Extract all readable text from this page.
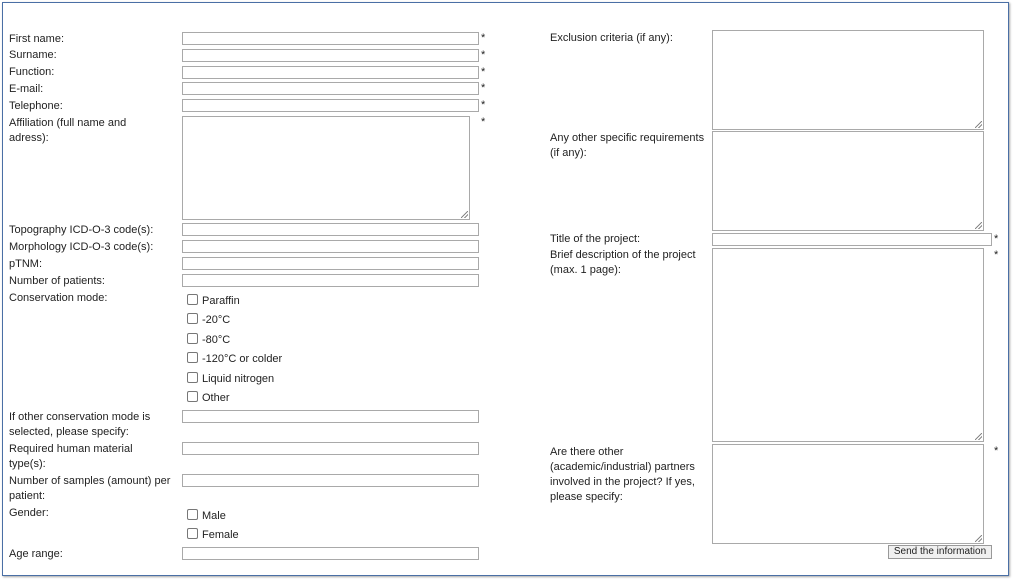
First name:
Surname:
Function:
E-mail:
Telephone:
Affiliation (full name and adress):
Topography ICD-O-3 code(s):
Morphology ICD-O-3 code(s):
pTNM:
Number of patients:
Conservation mode:
If other conservation mode is selected, please specify:
Required human material type(s):
Number of samples (amount) per patient:
Gender:
Age range:
*
*
*
*
*
*
Paraffin
-20°C
-80°C
-120°C or colder
Liquid nitrogen
Other
Male
Female
Exclusion criteria (if any):
Any other specific requirements (if any):
Title of the project:
Brief description of the project (max. 1 page):
Are there other (academic/industrial) partners involved in the project? If yes, please specify:
*
*
*
Send the information
